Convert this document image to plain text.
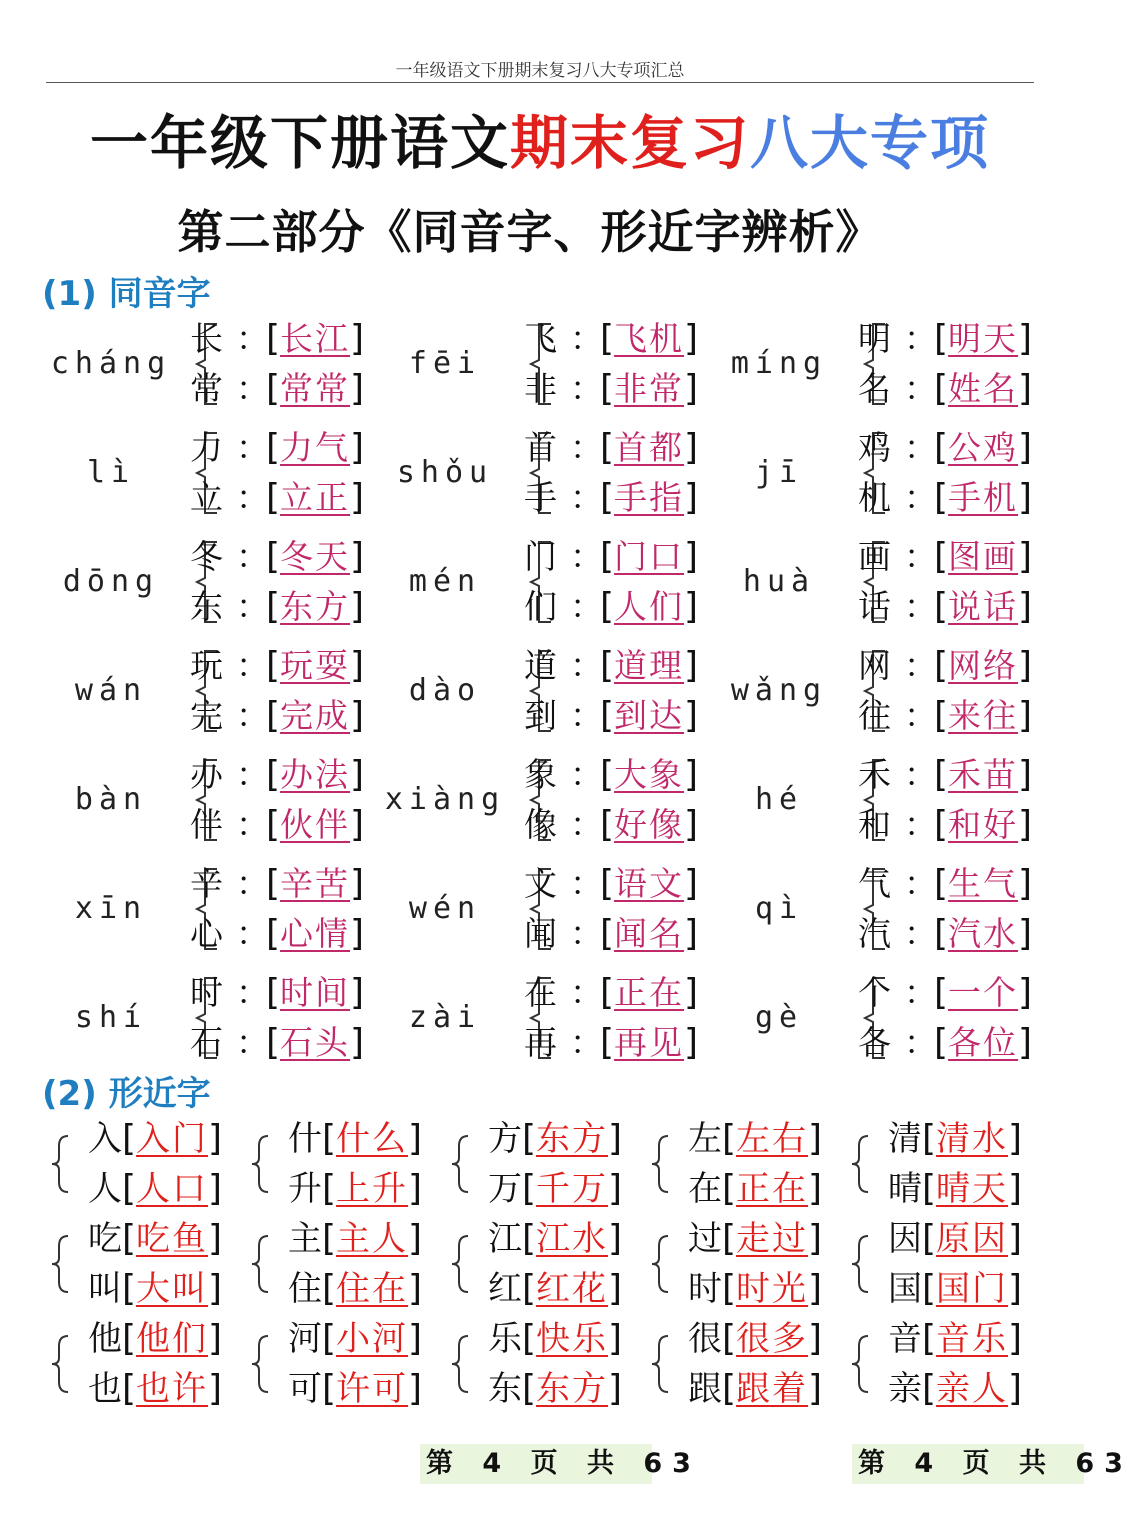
一年级语文下册期末复习八大专项汇总
一年级下册语文期末复习八大专项
第二部分《同音字、形近字辨析》
(1) 同音字
cháng
长 ：[长江]
常 ：[常常]
fēi
飞 ：[飞机]
非 ：[非常]
míng
明 ：[明天]
名 ：[姓名]
lì
力 ：[力气]
立 ：[立正]
shǒu
首 ：[首都]
手 ：[手指]
jī
鸡 ：[公鸡]
机 ：[手机]
dōng
冬 ：[冬天]
东 ：[东方]
mén
门 ：[门口]
们 ：[人们]
huà
画 ：[图画]
话 ：[说话]
wán
玩 ：[玩耍]
完 ：[完成]
dào
道 ：[道理]
到 ：[到达]
wǎng
网 ：[网络]
往 ：[来往]
bàn
办 ：[办法]
伴 ：[伙伴]
xiàng
象 ：[大象]
像 ：[好像]
hé
禾 ：[禾苗]
和 ：[和好]
xīn
辛 ：[辛苦]
心 ：[心情]
wén
文 ：[语文]
闻 ：[闻名]
qì
气 ：[生气]
汽 ：[汽水]
shí
时 ：[时间]
石 ：[石头]
zài
在 ：[正在]
再 ：[再见]
gè
个 ：[一个]
各 ：[各位]
(2) 形近字
入[入门]
人[人口]
什[什么]
升[上升]
方[东方]
万[千万]
左[左右]
在[正在]
清[清水]
晴[晴天]
吃[吃鱼]
叫[大叫]
主[主人]
住[住在]
江[江水]
红[红花]
过[走过]
时[时光]
因[原因]
国[国门]
他[他们]
也[也许]
河[小河]
可[许可]
乐[快乐]
东[东方]
很[很多]
跟[跟着]
音[音乐]
亲[亲人]
第 4 页 共 63	第 4 页 共 63
